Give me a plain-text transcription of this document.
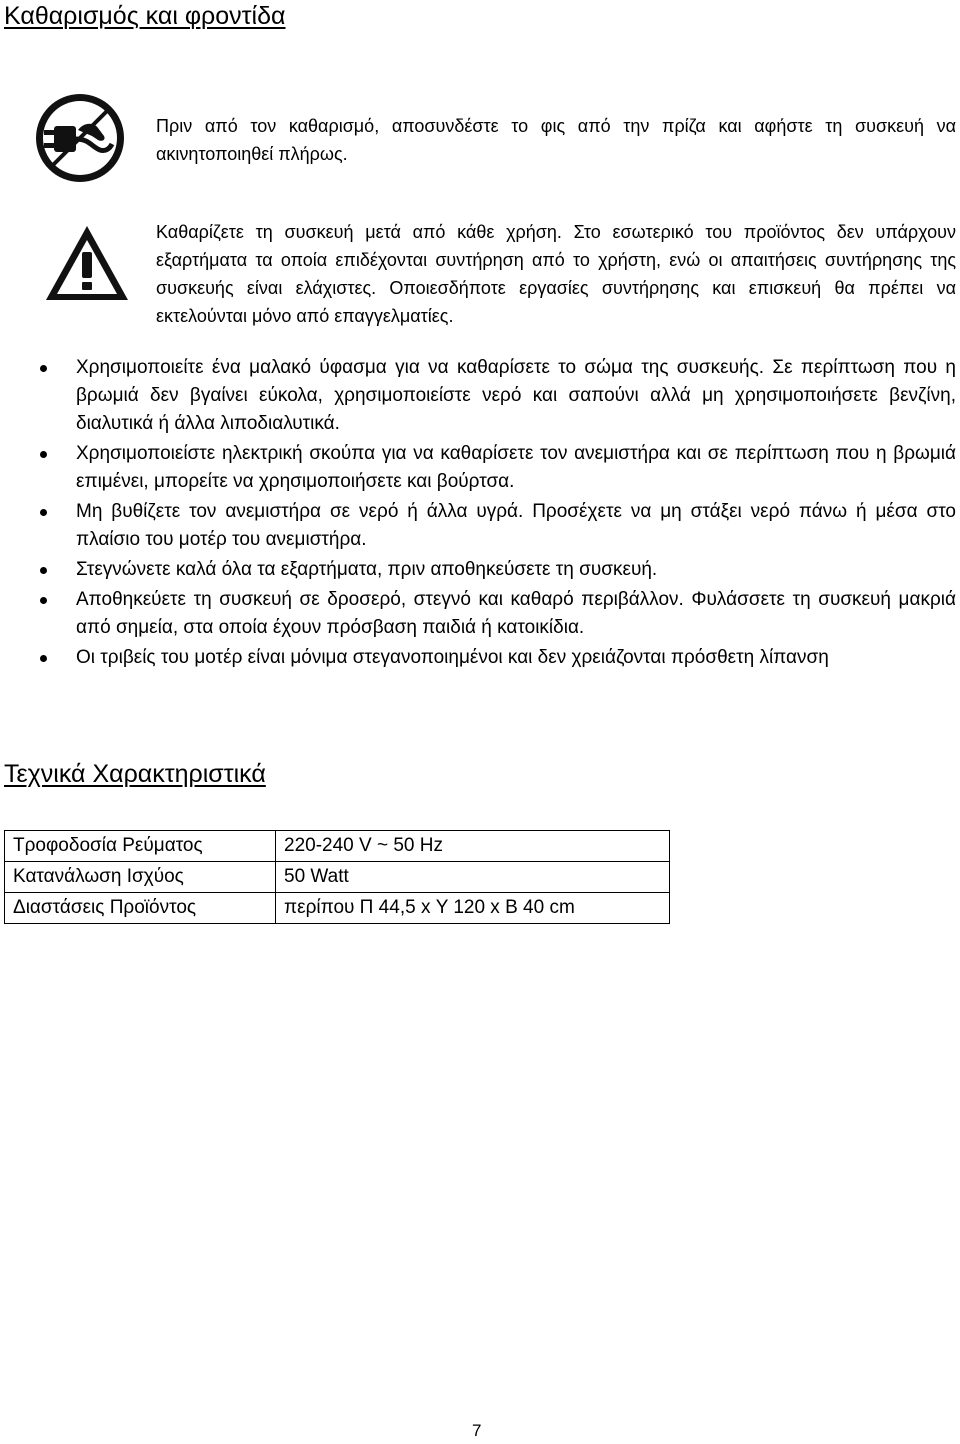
Καθαρισμός και φροντίδα
Πριν από τον καθαρισμό, αποσυνδέστε το φις από την πρίζα και αφήστε τη συσκευή να ακινητοποιηθεί πλήρως.
Καθαρίζετε τη συσκευή μετά από κάθε χρήση. Στο εσωτερικό του προϊόντος δεν υπάρχουν εξαρτήματα τα οποία επιδέχονται συντήρηση από το χρήστη, ενώ οι απαιτήσεις συντήρησης της συσκευής είναι ελάχιστες. Οποιεσδήποτε εργασίες συντήρησης και επισκευή θα πρέπει να εκτελούνται μόνο από επαγγελματίες.
Χρησιμοποιείτε ένα μαλακό ύφασμα για να καθαρίσετε το σώμα της συσκευής. Σε περίπτωση που η βρωμιά δεν βγαίνει εύκολα, χρησιμοποιείστε νερό και σαπούνι αλλά μη χρησιμοποιήσετε βενζίνη, διαλυτικά ή άλλα λιποδιαλυτικά.
Χρησιμοποιείστε ηλεκτρική σκούπα για να καθαρίσετε τον ανεμιστήρα και σε περίπτωση που η βρωμιά επιμένει, μπορείτε να χρησιμοποιήσετε και βούρτσα.
Μη βυθίζετε τον ανεμιστήρα σε νερό ή άλλα υγρά. Προσέχετε να μη στάξει νερό πάνω ή μέσα στο πλαίσιο του μοτέρ του ανεμιστήρα.
Στεγνώνετε καλά όλα τα εξαρτήματα, πριν αποθηκεύσετε τη συσκευή.
Αποθηκεύετε τη συσκευή σε δροσερό, στεγνό και καθαρό περιβάλλον. Φυλάσσετε τη συσκευή μακριά από σημεία, στα οποία έχουν πρόσβαση παιδιά ή κατοικίδια.
Οι τριβείς του μοτέρ είναι μόνιμα στεγανοποιημένοι και δεν χρειάζονται πρόσθετη λίπανση
Τεχνικά Χαρακτηριστικά
Τροφοδοσία Ρεύματος	220-240 V ~ 50 Hz
Κατανάλωση Ισχύος	50 Watt
Διαστάσεις Προϊόντος	περίπου Π 44,5 x Υ 120 x Β 40 cm
7
